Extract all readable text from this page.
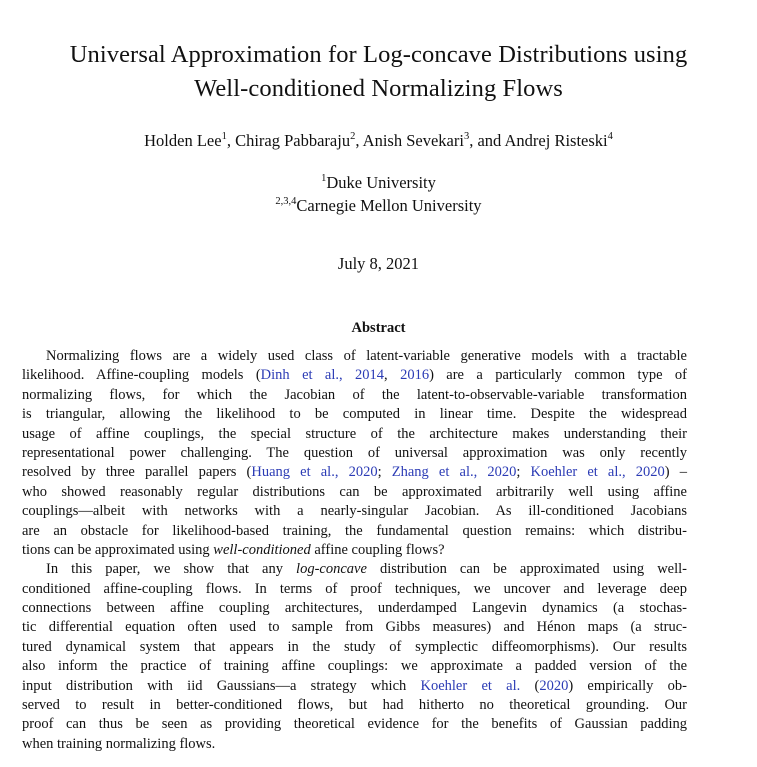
Universal Approximation for Log-concave Distributions using
Well-conditioned Normalizing Flows
Holden Lee$^1$, Chirag Pabbaraju$^2$, Anish Sevekari$^3$, and Andrej Risteski$^4$
$^1$Duke University
$^{2,3,4}$Carnegie Mellon University
July 8, 2021
Abstract
Normalizing flows are a widely used class of latent-variable generative models with a tractable
likelihood. Affine-coupling models (Dinh et al., 2014, 2016) are a particularly common type of
normalizing flows, for which the Jacobian of the latent-to-observable-variable transformation
is triangular, allowing the likelihood to be computed in linear time. Despite the widespread
usage of affine couplings, the special structure of the architecture makes understanding their
representational power challenging. The question of universal approximation was only recently
resolved by three parallel papers (Huang et al., 2020; Zhang et al., 2020; Koehler et al., 2020) –
who showed reasonably regular distributions can be approximated arbitrarily well using affine
couplings—albeit with networks with a nearly-singular Jacobian. As ill-conditioned Jacobians
are an obstacle for likelihood-based training, the fundamental question remains: which distribu-
tions can be approximated using well-conditioned affine coupling flows?
In this paper, we show that any log-concave distribution can be approximated using well-
conditioned affine-coupling flows. In terms of proof techniques, we uncover and leverage deep
connections between affine coupling architectures, underdamped Langevin dynamics (a stochas-
tic differential equation often used to sample from Gibbs measures) and Hénon maps (a struc-
tured dynamical system that appears in the study of symplectic diffeomorphisms). Our results
also inform the practice of training affine couplings: we approximate a padded version of the
input distribution with iid Gaussians—a strategy which Koehler et al. (2020) empirically ob-
served to result in better-conditioned flows, but had hitherto no theoretical grounding. Our
proof can thus be seen as providing theoretical evidence for the benefits of Gaussian padding
when training normalizing flows.
